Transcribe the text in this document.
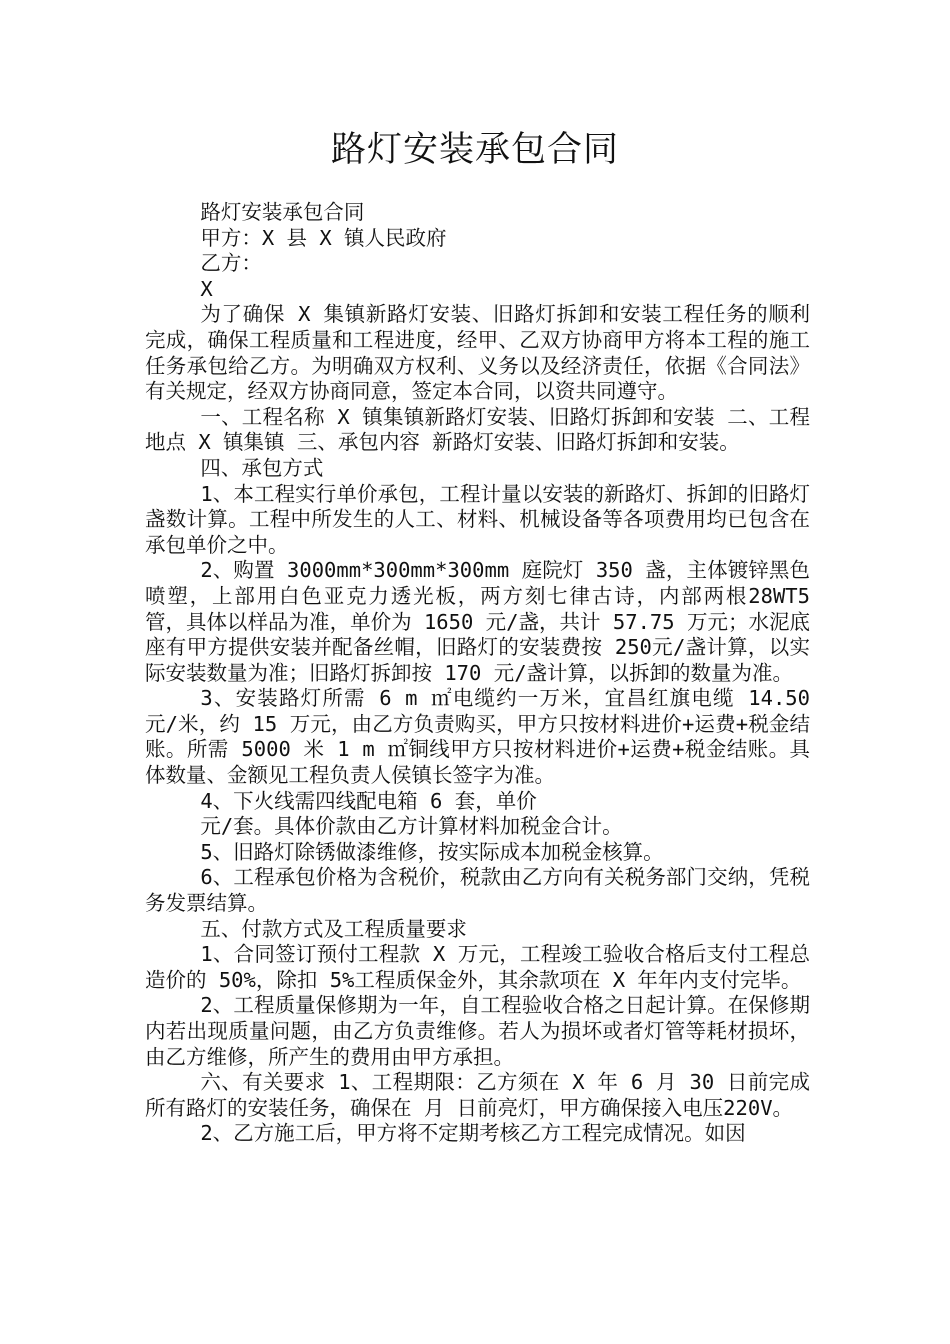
路灯安装承包合同

路灯安装承包合同

甲方：X 县 X 镇人民政府

乙方：

X

为了确保 X 集镇新路灯安装、旧路灯拆卸和安装工程任务的顺利完成，确保工程质量和工程进度，经甲、乙双方协商甲方将本工程的施工任务承包给乙方。为明确双方权利、义务以及经济责任，依据《合同法》有关规定，经双方协商同意，签定本合同，以资共同遵守。

一、工程名称 X 镇集镇新路灯安装、旧路灯拆卸和安装 二、工程地点 X 镇集镇 三、承包内容 新路灯安装、旧路灯拆卸和安装。

四、承包方式

1、本工程实行单价承包，工程计量以安装的新路灯、拆卸的旧路灯盏数计算。工程中所发生的人工、材料、机械设备等各项费用均已包含在承包单价之中。

2、购置 3000mm*300mm*300mm 庭院灯 350 盏，主体镀锌黑色喷塑，上部用白色亚克力透光板，两方刻七律古诗，内部两根28WT5 管，具体以样品为准，单价为 1650 元/盏，共计 57.75 万元；水泥底座有甲方提供安装并配备丝帽，旧路灯的安装费按 250元/盏计算，以实际安装数量为准；旧路灯拆卸按 170 元/盏计算，以拆卸的数量为准。

3、安装路灯所需 6 m ㎡电缆约一万米，宜昌红旗电缆 14.50元/米，约 15 万元，由乙方负责购买，甲方只按材料进价+运费+税金结账。所需 5000 米 1 m ㎡铜线甲方只按材料进价+运费+税金结账。具体数量、金额见工程负责人侯镇长签字为准。

4、下火线需四线配电箱 6 套，单价

元/套。具体价款由乙方计算材料加税金合计。

5、旧路灯除锈做漆维修，按实际成本加税金核算。

6、工程承包价格为含税价，税款由乙方向有关税务部门交纳，凭税务发票结算。

五、付款方式及工程质量要求

1、合同签订预付工程款 X 万元，工程竣工验收合格后支付工程总造价的 50%，除扣 5%工程质保金外，其余款项在 X 年年内支付完毕。

2、工程质量保修期为一年，自工程验收合格之日起计算。在保修期内若出现质量问题，由乙方负责维修。若人为损坏或者灯管等耗材损坏，由乙方维修，所产生的费用由甲方承担。

六、有关要求 1、工程期限：乙方须在 X 年 6 月 30 日前完成所有路灯的安装任务，确保在 月 日前亮灯，甲方确保接入电压220V。

2、乙方施工后，甲方将不定期考核乙方工程完成情况。如因
